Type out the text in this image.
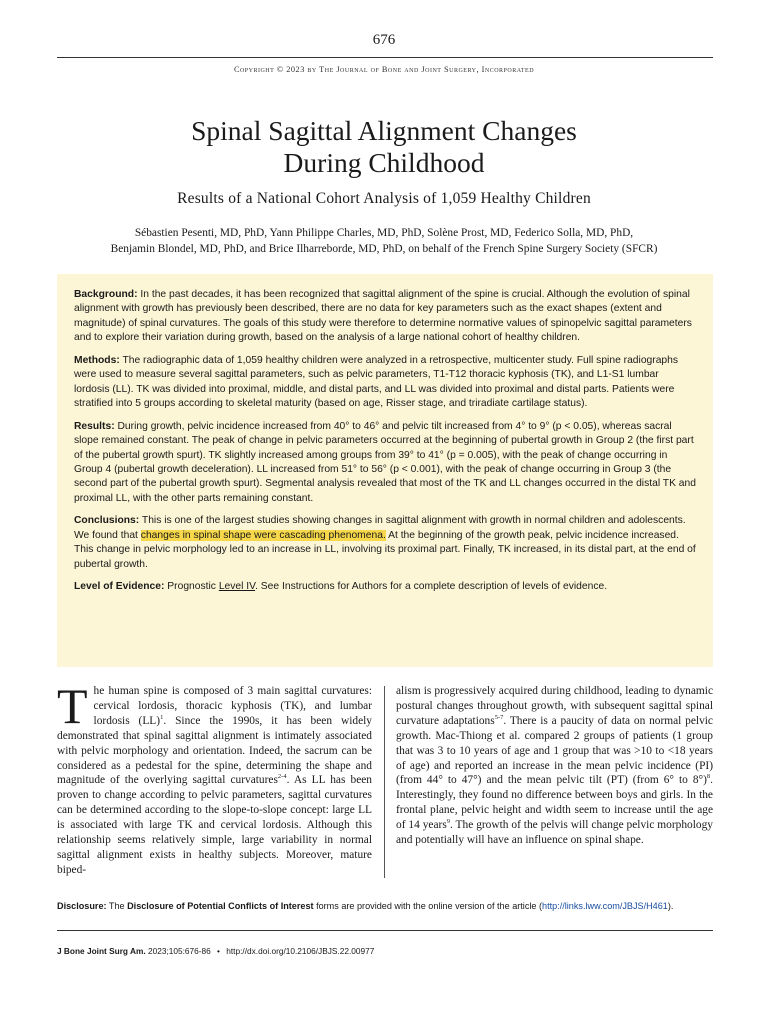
676
Copyright © 2023 by The Journal of Bone and Joint Surgery, Incorporated
Spinal Sagittal Alignment Changes
During Childhood
Results of a National Cohort Analysis of 1,059 Healthy Children
Sébastien Pesenti, MD, PhD, Yann Philippe Charles, MD, PhD, Solène Prost, MD, Federico Solla, MD, PhD,
Benjamin Blondel, MD, PhD, and Brice Ilharreborde, MD, PhD, on behalf of the French Spine Surgery Society (SFCR)

Background: In the past decades, it has been recognized that sagittal alignment of the spine is crucial. Although the evolution of spinal alignment with growth has previously been described, there are no data for key parameters such as the exact shapes (extent and magnitude) of spinal curvatures. The goals of this study were therefore to determine normative values of spinopelvic sagittal parameters and to explore their variation during growth, based on the analysis of a large national cohort of healthy children.

Methods: The radiographic data of 1,059 healthy children were analyzed in a retrospective, multicenter study. Full spine radiographs were used to measure several sagittal parameters, such as pelvic parameters, T1-T12 thoracic kyphosis (TK), and L1-S1 lumbar lordosis (LL). TK was divided into proximal, middle, and distal parts, and LL was divided into proximal and distal parts. Patients were stratified into 5 groups according to skeletal maturity (based on age, Risser stage, and triradiate cartilage status).

Results: During growth, pelvic incidence increased from 40° to 46° and pelvic tilt increased from 4° to 9° (p < 0.05), whereas sacral slope remained constant. The peak of change in pelvic parameters occurred at the beginning of pubertal growth in Group 2 (the first part of the pubertal growth spurt). TK slightly increased among groups from 39° to 41° (p = 0.005), with the peak of change occurring in Group 4 (pubertal growth deceleration). LL increased from 51° to 56° (p < 0.001), with the peak of change occurring in Group 3 (the second part of the pubertal growth spurt). Segmental analysis revealed that most of the TK and LL changes occurred in the distal TK and proximal LL, with the other parts remaining constant.

Conclusions: This is one of the largest studies showing changes in sagittal alignment with growth in normal children and adolescents. We found that changes in spinal shape were cascading phenomena. At the beginning of the growth peak, pelvic incidence increased. This change in pelvic morphology led to an increase in LL, involving its proximal part. Finally, TK increased, in its distal part, at the end of pubertal growth.

Level of Evidence: Prognostic Level IV. See Instructions for Authors for a complete description of levels of evidence.

The human spine is composed of 3 main sagittal curvatures: cervical lordosis, thoracic kyphosis (TK), and lumbar lordosis (LL)$^1$. Since the 1990s, it has been widely demonstrated that spinal sagittal alignment is intimately associated with pelvic morphology and orientation. Indeed, the sacrum can be considered as a pedestal for the spine, determining the shape and magnitude of the overlying sagittal curvatures$^{2-4}$. As LL has been proven to change according to pelvic parameters, sagittal curvatures can be determined according to the slope-to-slope concept: large LL is associated with large TK and cervical lordosis. Although this relationship seems relatively simple, large variability in normal sagittal alignment exists in healthy subjects. Moreover, mature biped-
alism is progressively acquired during childhood, leading to dynamic postural changes throughout growth, with subsequent sagittal spinal curvature adaptations$^{5-7}$. There is a paucity of data on normal pelvic growth. Mac-Thiong et al. compared 2 groups of patients (1 group that was 3 to 10 years of age and 1 group that was >10 to <18 years of age) and reported an increase in the mean pelvic incidence (PI) (from 44° to 47°) and the mean pelvic tilt (PT) (from 6° to 8°)$^8$. Interestingly, they found no difference between boys and girls. In the frontal plane, pelvic height and width seem to increase until the age of 14 years$^9$. The growth of the pelvis will change pelvic morphology and potentially will have an influence on spinal shape.
Disclosure: The Disclosure of Potential Conflicts of Interest forms are provided with the online version of the article (http://links.lww.com/JBJS/H461).
J Bone Joint Surg Am. 2023;105:676-86 • http://dx.doi.org/10.2106/JBJS.22.00977
